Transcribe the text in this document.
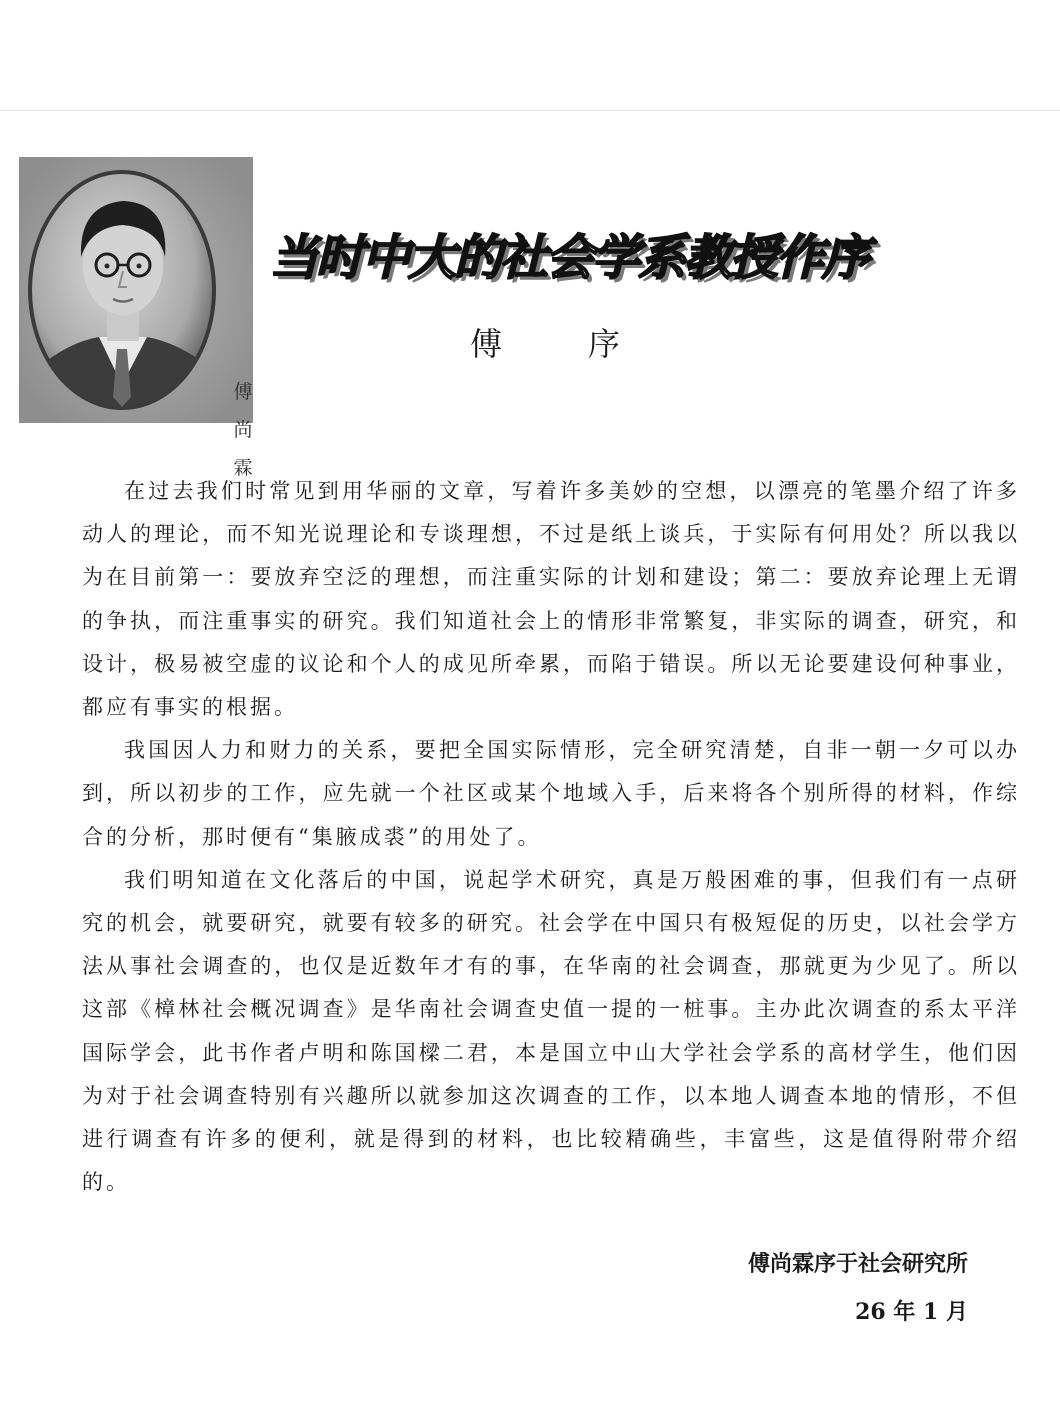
傅
尚
霖
当时中大的社会学系教授作序
傅序

在过去我们时常见到用华丽的文章，写着许多美妙的空想，以漂亮的笔墨介绍了许多动人的理论，而不知光说理论和专谈理想，不过是纸上谈兵，于实际有何用处？所以我以为在目前第一：要放弃空泛的理想，而注重实际的计划和建设；第二：要放弃论理上无谓的争执，而注重事实的研究。我们知道社会上的情形非常繁复，非实际的调查，研究，和设计，极易被空虚的议论和个人的成见所牵累，而陷于错误。所以无论要建设何种事业，都应有事实的根据。

我国因人力和财力的关系，要把全国实际情形，完全研究清楚，自非一朝一夕可以办到，所以初步的工作，应先就一个社区或某个地域入手，后来将各个别所得的材料，作综合的分析，那时便有“集腋成裘”的用处了。

我们明知道在文化落后的中国，说起学术研究，真是万般困难的事，但我们有一点研究的机会，就要研究，就要有较多的研究。社会学在中国只有极短促的历史，以社会学方法从事社会调查的，也仅是近数年才有的事，在华南的社会调查，那就更为少见了。所以这部《樟林社会概况调查》是华南社会调查史值一提的一桩事。主办此次调查的系太平洋国际学会，此书作者卢明和陈国樑二君，本是国立中山大学社会学系的高材学生，他们因为对于社会调查特别有兴趣所以就参加这次调查的工作，以本地人调查本地的情形，不但进行调查有许多的便利，就是得到的材料，也比较精确些，丰富些，这是值得附带介绍的。

傅尚霖序于社会研究所
26 年 1 月
